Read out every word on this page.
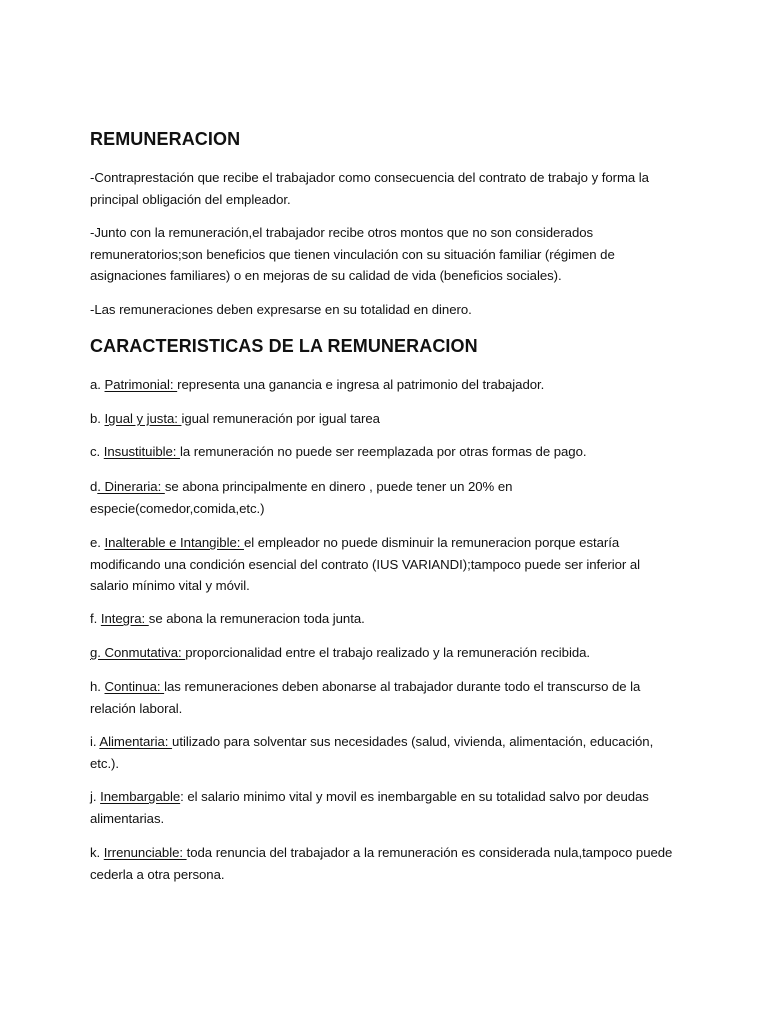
REMUNERACION
-Contraprestación que recibe el trabajador como consecuencia del contrato de trabajo y forma la principal obligación del empleador.
-Junto con la remuneración,el trabajador recibe otros montos que no son considerados remuneratorios;son beneficios que tienen vinculación con su situación familiar (régimen de asignaciones familiares) o en mejoras de su calidad de vida (beneficios sociales).
-Las remuneraciones deben expresarse en su totalidad en dinero.
CARACTERISTICAS DE LA REMUNERACION
a. Patrimonial: representa una ganancia e ingresa al patrimonio del trabajador.
b. Igual y justa: igual remuneración por igual tarea
c. Insustituible: la remuneración no puede ser reemplazada por otras formas de pago.
d. Dineraria: se abona principalmente en dinero , puede tener un 20% en especie(comedor,comida,etc.)
e. Inalterable e Intangible: el empleador no puede disminuir la remuneracion porque estaría modificando una condición esencial del contrato (IUS VARIANDI);tampoco puede ser inferior al salario mínimo vital y móvil.
f. Integra: se abona la remuneracion toda junta.
g. Conmutativa: proporcionalidad entre el trabajo realizado y la remuneración recibida.
h. Continua: las remuneraciones deben abonarse al trabajador durante todo el transcurso de la relación laboral.
i. Alimentaria: utilizado para solventar sus necesidades (salud, vivienda, alimentación, educación, etc.).
j. Inembargable: el salario minimo vital y movil es inembargable en su totalidad salvo por deudas alimentarias.
k. Irrenunciable: toda renuncia del trabajador a la remuneración es considerada nula,tampoco puede cederla a otra persona.
